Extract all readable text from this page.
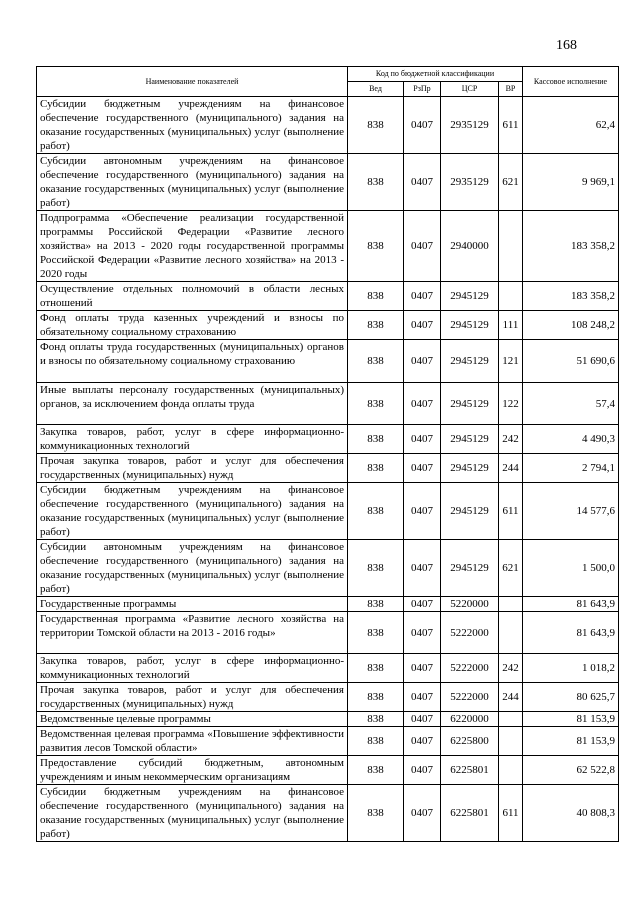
168
Наименование показателей	Код по бюджетной классификации				Кассовое исполнение
	Вед	РзПр	ЦСР	ВР	
Субсидии бюджетным учреждениям на финансовое обеспечение государственного (муниципального) задания на оказание государственных (муниципальных) услуг (выполнение работ)	838	0407	2935129	611	62,4
Субсидии автономным учреждениям на финансовое обеспечение государственного (муниципального) задания на оказание государственных (муниципальных) услуг (выполнение работ)	838	0407	2935129	621	9 969,1
Подпрограмма «Обеспечение реализации государственной программы Российской Федерации «Развитие лесного хозяйства» на 2013 - 2020 годы государственной программы Российской Федерации «Развитие лесного хозяйства» на 2013 - 2020 годы	838	0407	2940000		183 358,2
Осуществление отдельных полномочий в области лесных отношений	838	0407	2945129		183 358,2
Фонд оплаты труда казенных учреждений и взносы по обязательному социальному страхованию	838	0407	2945129	111	108 248,2
Фонд оплаты труда государственных (муниципальных) органов и взносы по обязательному социальному страхованию	838	0407	2945129	121	51 690,6
Иные выплаты персоналу государственных (муниципальных) органов, за исключением фонда оплаты труда	838	0407	2945129	122	57,4
Закупка товаров, работ, услуг в сфере информационно-коммуникационных технологий	838	0407	2945129	242	4 490,3
Прочая закупка товаров, работ и услуг для обеспечения государственных (муниципальных) нужд	838	0407	2945129	244	2 794,1
Субсидии бюджетным учреждениям на финансовое обеспечение государственного (муниципального) задания на оказание государственных (муниципальных) услуг (выполнение работ)	838	0407	2945129	611	14 577,6
Субсидии автономным учреждениям на финансовое обеспечение государственного (муниципального) задания на оказание государственных (муниципальных) услуг (выполнение работ)	838	0407	2945129	621	1 500,0
Государственные программы	838	0407	5220000		81 643,9
Государственная программа «Развитие лесного хозяйства на территории Томской области на 2013 - 2016 годы»	838	0407	5222000		81 643,9
Закупка товаров, работ, услуг в сфере информационно-коммуникационных технологий	838	0407	5222000	242	1 018,2
Прочая закупка товаров, работ и услуг для обеспечения государственных (муниципальных) нужд	838	0407	5222000	244	80 625,7
Ведомственные целевые программы	838	0407	6220000		81 153,9
Ведомственная целевая программа «Повышение эффективности развития лесов Томской области»	838	0407	6225800		81 153,9
Предоставление субсидий бюджетным, автономным учреждениям и иным некоммерческим организациям	838	0407	6225801		62 522,8
Субсидии бюджетным учреждениям на финансовое обеспечение государственного (муниципального) задания на оказание государственных (муниципальных) услуг (выполнение работ)	838	0407	6225801	611	40 808,3
